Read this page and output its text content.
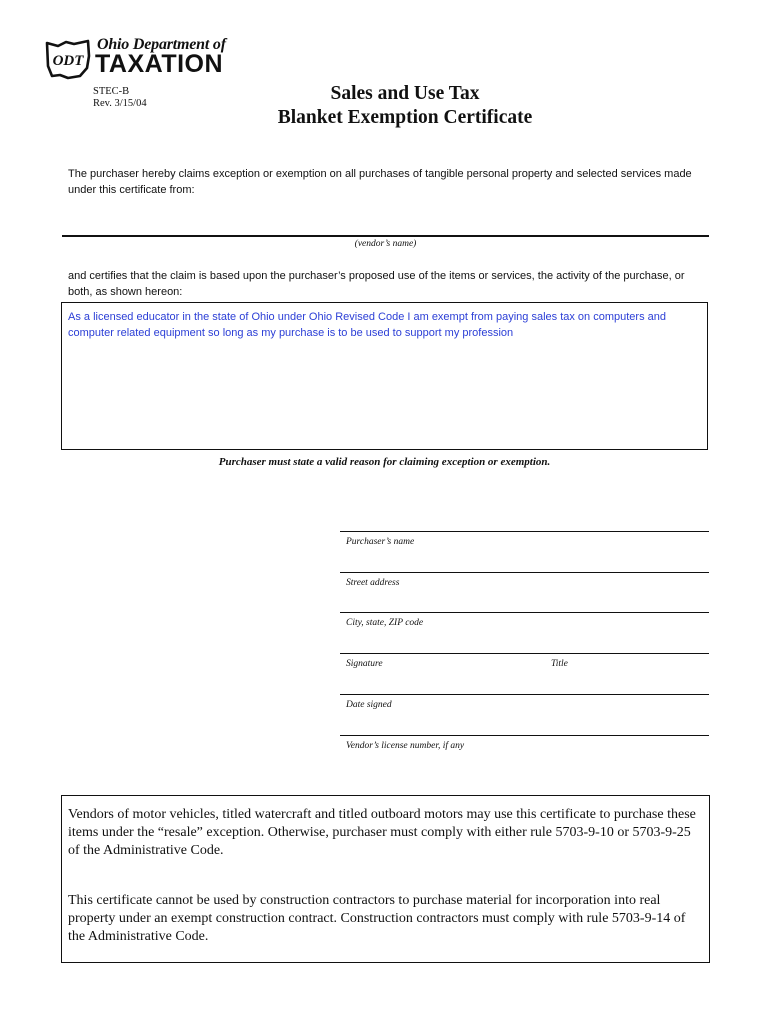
ODT
Ohio Department of
TAXATION
STEC-B
Rev. 3/15/04	Sales and Use Tax
Blanket Exemption Certificate
The purchaser hereby claims exception or exemption on all purchases of tangible personal property and selected services made under this certificate from:
(vendor’s name)
and certifies that the claim is based upon the purchaser’s proposed use of the items or services, the activity of the purchase, or both, as shown hereon:
As a licensed educator in the state of Ohio under Ohio Revised Code I am exempt from paying sales tax on computers and computer related equipment so long as my purchase is to be used to support my profession
Purchaser must state a valid reason for claiming exception or exemption.
Purchaser’s name
Street address
City, state, ZIP code
Signature	Title
Date signed
Vendor’s license number, if any
Vendors of motor vehicles, titled watercraft and titled outboard motors may use this certificate to purchase these items under the “resale” exception. Otherwise, purchaser must comply with either rule 5703-9-10 or 5703-9-25 of the Administrative Code.
This certificate cannot be used by construction contractors to purchase material for incorporation into real property under an exempt construction contract. Construction contractors must comply with rule 5703-9-14 of the Administrative Code.
